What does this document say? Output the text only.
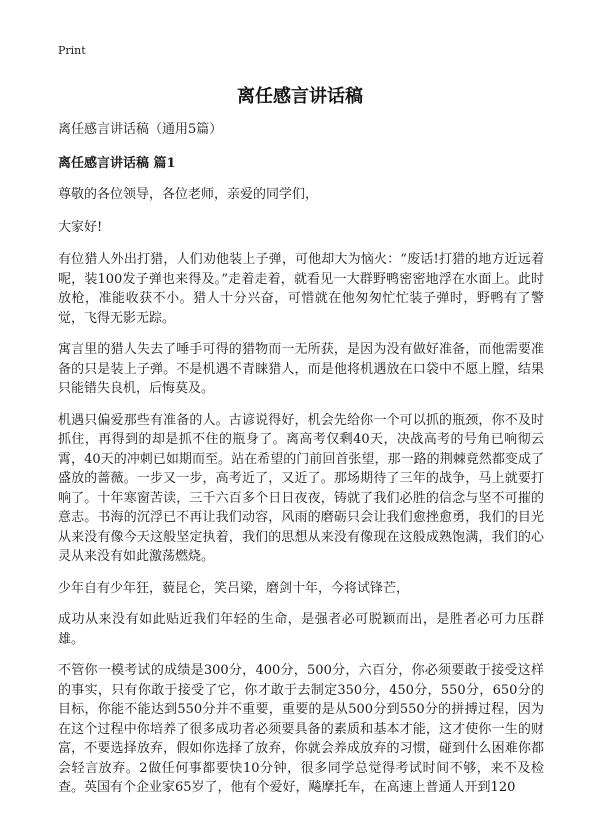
Print
离任感言讲话稿

离任感言讲话稿（通用5篇）

离任感言讲话稿 篇1

尊敬的各位领导，各位老师，亲爱的同学们，

大家好!

有位猎人外出打猎，人们劝他装上子弹，可他却大为恼火：“废话!打猎的地方近远着呢，装100发子弹也来得及。”走着走着，就看见一大群野鸭密密地浮在水面上。此时放枪，准能收获不小。猎人十分兴奋，可惜就在他匆匆忙忙装子弹时，野鸭有了警觉，飞得无影无踪。

寓言里的猎人失去了唾手可得的猎物而一无所获，是因为没有做好准备，而他需要准备的只是装上子弹。不是机遇不青睐猎人，而是他将机遇放在口袋中不愿上膛，结果只能错失良机，后悔莫及。

机遇只偏爱那些有准备的人。古谚说得好，机会先给你一个可以抓的瓶颈，你不及时抓住，再得到的却是抓不住的瓶身了。离高考仅剩40天，决战高考的号角已响彻云霄，40天的冲刺已如期而至。站在希望的门前回首张望，那一路的荆棘竟然都变成了盛放的蔷薇。一步又一步，高考近了，又近了。那场期待了三年的战争，马上就要打响了。十年寒窗苦读，三千六百多个日日夜夜，铸就了我们必胜的信念与坚不可摧的意志。书海的沉浮已不再让我们动容，风雨的磨砺只会让我们愈挫愈勇，我们的目光从来没有像今天这般坚定执着，我们的思想从来没有像现在这般成熟饱满，我们的心灵从来没有如此激荡燃烧。

少年自有少年狂，藐昆仑，笑吕梁，磨剑十年，今将试锋芒，

成功从来没有如此贴近我们年轻的生命，是强者必可脱颖而出，是胜者必可力压群雄。

不管你一模考试的成绩是300分，400分，500分，六百分，你必须要敢于接受这样的事实，只有你敢于接受了它，你才敢于去制定350分，450分，550分，650分的目标，你能不能达到550分并不重要，重要的是从500分到550分的拼搏过程，因为在这个过程中你培养了很多成功者必须要具备的素质和基本才能，这才使你一生的财富，不要选择放弃，假如你选择了放弃，你就会养成放弃的习惯，碰到什么困难你都会轻言放弃。2做任何事都要快10分钟，很多同学总觉得考试时间不够，来不及检查。英国有个企业家65岁了，他有个爱好，飚摩托车，在高速上普通人开到120
